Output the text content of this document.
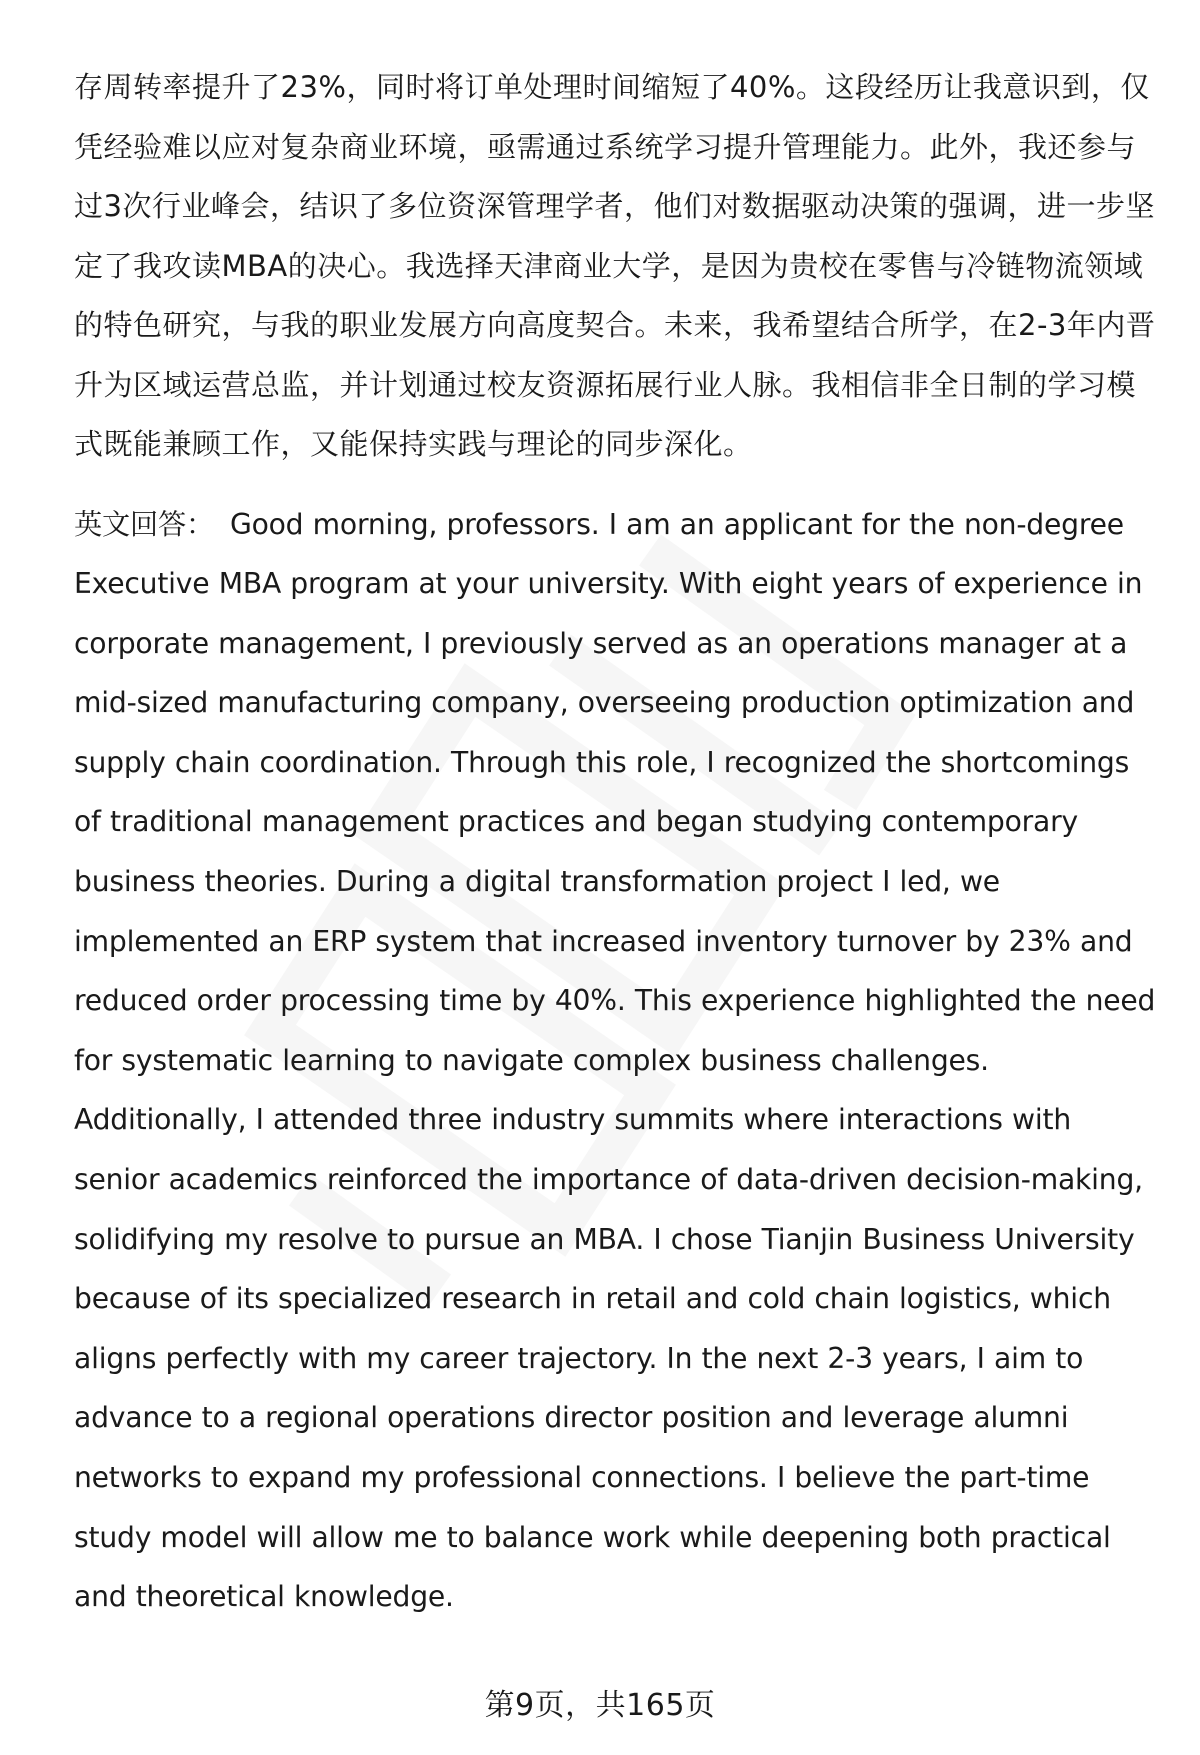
存周转率提升了23%，同时将订单处理时间缩短了40%。这段经历让我意识到，仅凭经验难以应对复杂商业环境，亟需通过系统学习提升管理能力。此外，我还参与过3次行业峰会，结识了多位资深管理学者，他们对数据驱动决策的强调，进一步坚定了我攻读MBA的决心。我选择天津商业大学，是因为贵校在零售与冷链物流领域的特色研究，与我的职业发展方向高度契合。未来，我希望结合所学，在2-3年内晋升为区域运营总监，并计划通过校友资源拓展行业人脉。我相信非全日制的学习模式既能兼顾工作，又能保持实践与理论的同步深化。

英文回答： Good morning, professors. I am an applicant for the non-degree Executive MBA program at your university. With eight years of experience in corporate management, I previously served as an operations manager at a mid-sized manufacturing company, overseeing production optimization and supply chain coordination. Through this role, I recognized the shortcomings of traditional management practices and began studying contemporary business theories. During a digital transformation project I led, we implemented an ERP system that increased inventory turnover by 23% and reduced order processing time by 40%. This experience highlighted the need for systematic learning to navigate complex business challenges. Additionally, I attended three industry summits where interactions with senior academics reinforced the importance of data-driven decision-making, solidifying my resolve to pursue an MBA. I chose Tianjin Business University because of its specialized research in retail and cold chain logistics, which aligns perfectly with my career trajectory. In the next 2-3 years, I aim to advance to a regional operations director position and leverage alumni networks to expand my professional connections. I believe the part-time study model will allow me to balance work while deepening both practical and theoretical knowledge.

第9页，共165页
